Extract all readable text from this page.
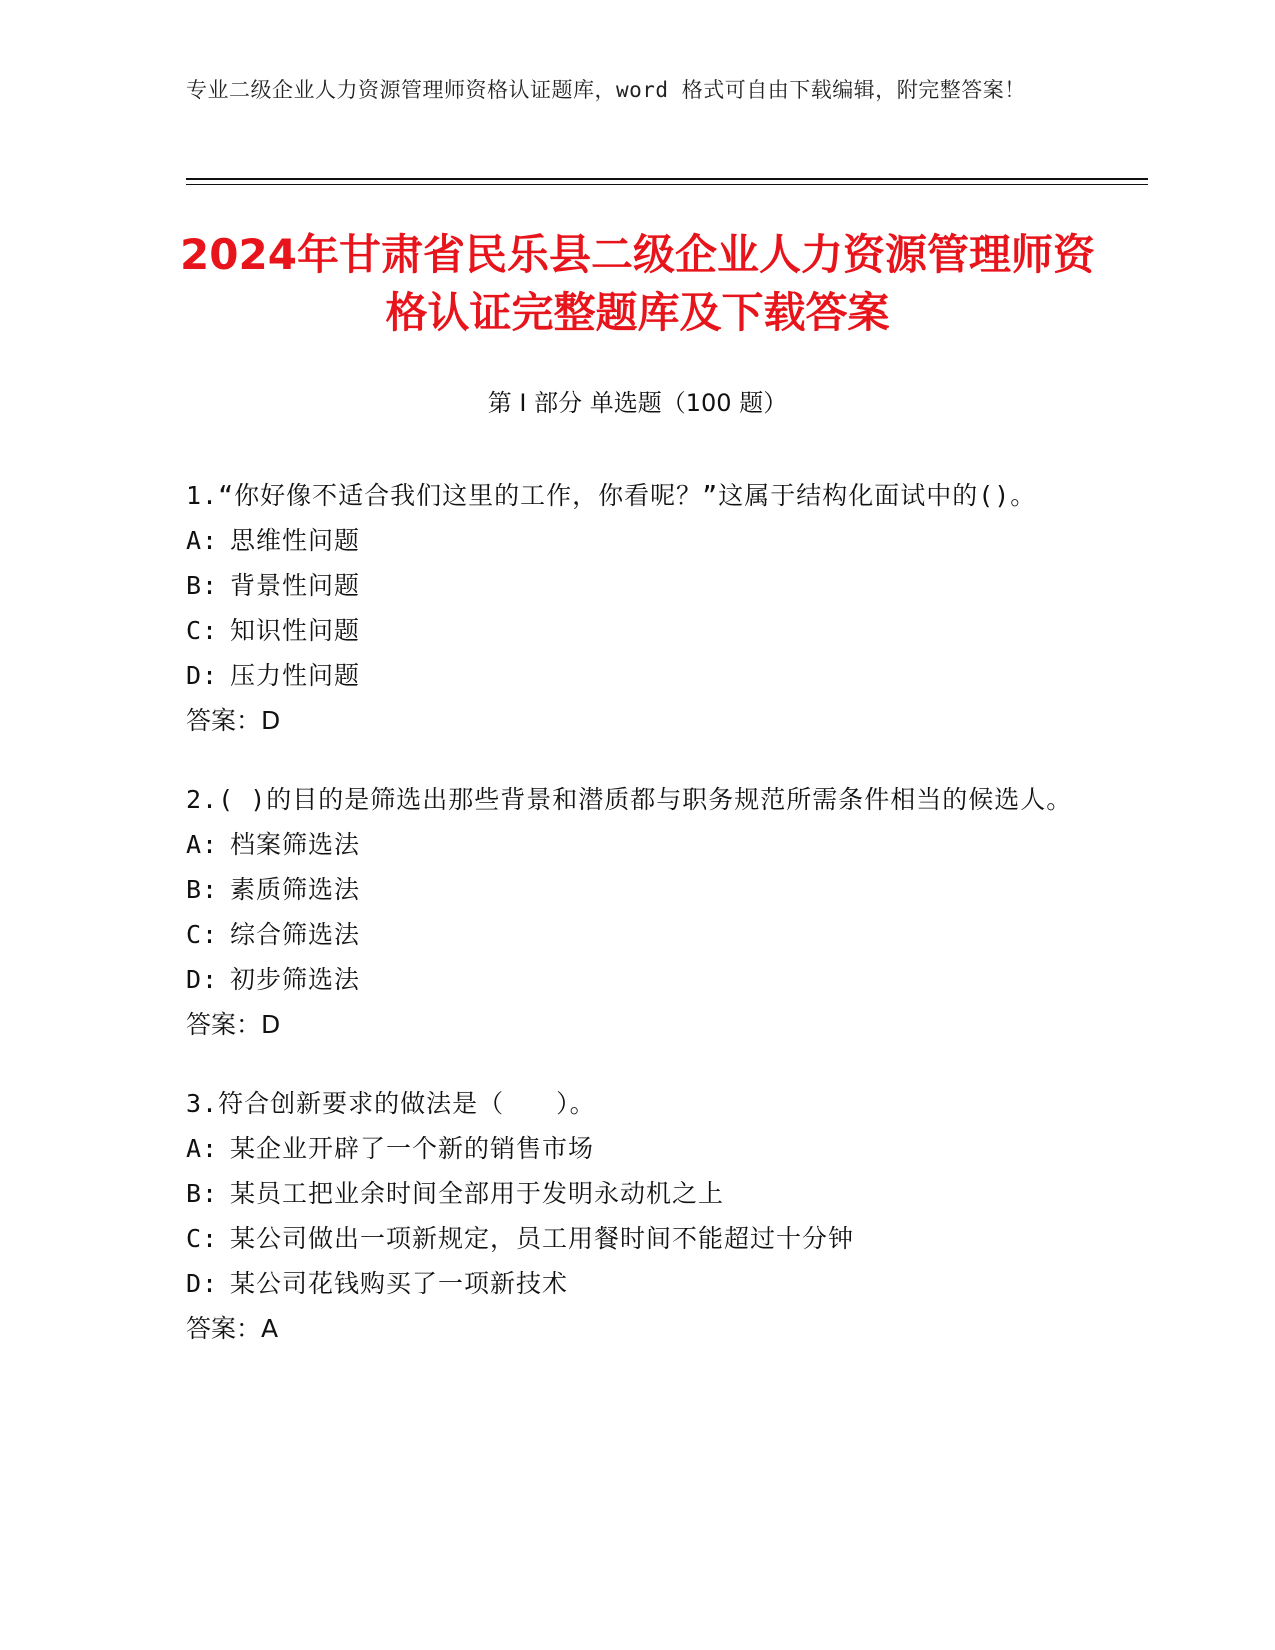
专业二级企业人力资源管理师资格认证题库，word 格式可自由下载编辑，附完整答案！
2024年甘肃省民乐县二级企业人力资源管理师资格认证完整题库及下载答案
第 I 部分 单选题（100 题）

1.“你好像不适合我们这里的工作，你看呢？”这属于结构化面试中的()。

A: 思维性问题

B: 背景性问题

C: 知识性问题

D: 压力性问题

答案：D

2.( )的目的是筛选出那些背景和潜质都与职务规范所需条件相当的候选人。

A: 档案筛选法

B: 素质筛选法

C: 综合筛选法

D: 初步筛选法

答案：D

3.符合创新要求的做法是（　　）。

A: 某企业开辟了一个新的销售市场

B: 某员工把业余时间全部用于发明永动机之上

C: 某公司做出一项新规定，员工用餐时间不能超过十分钟

D: 某公司花钱购买了一项新技术

答案：A
